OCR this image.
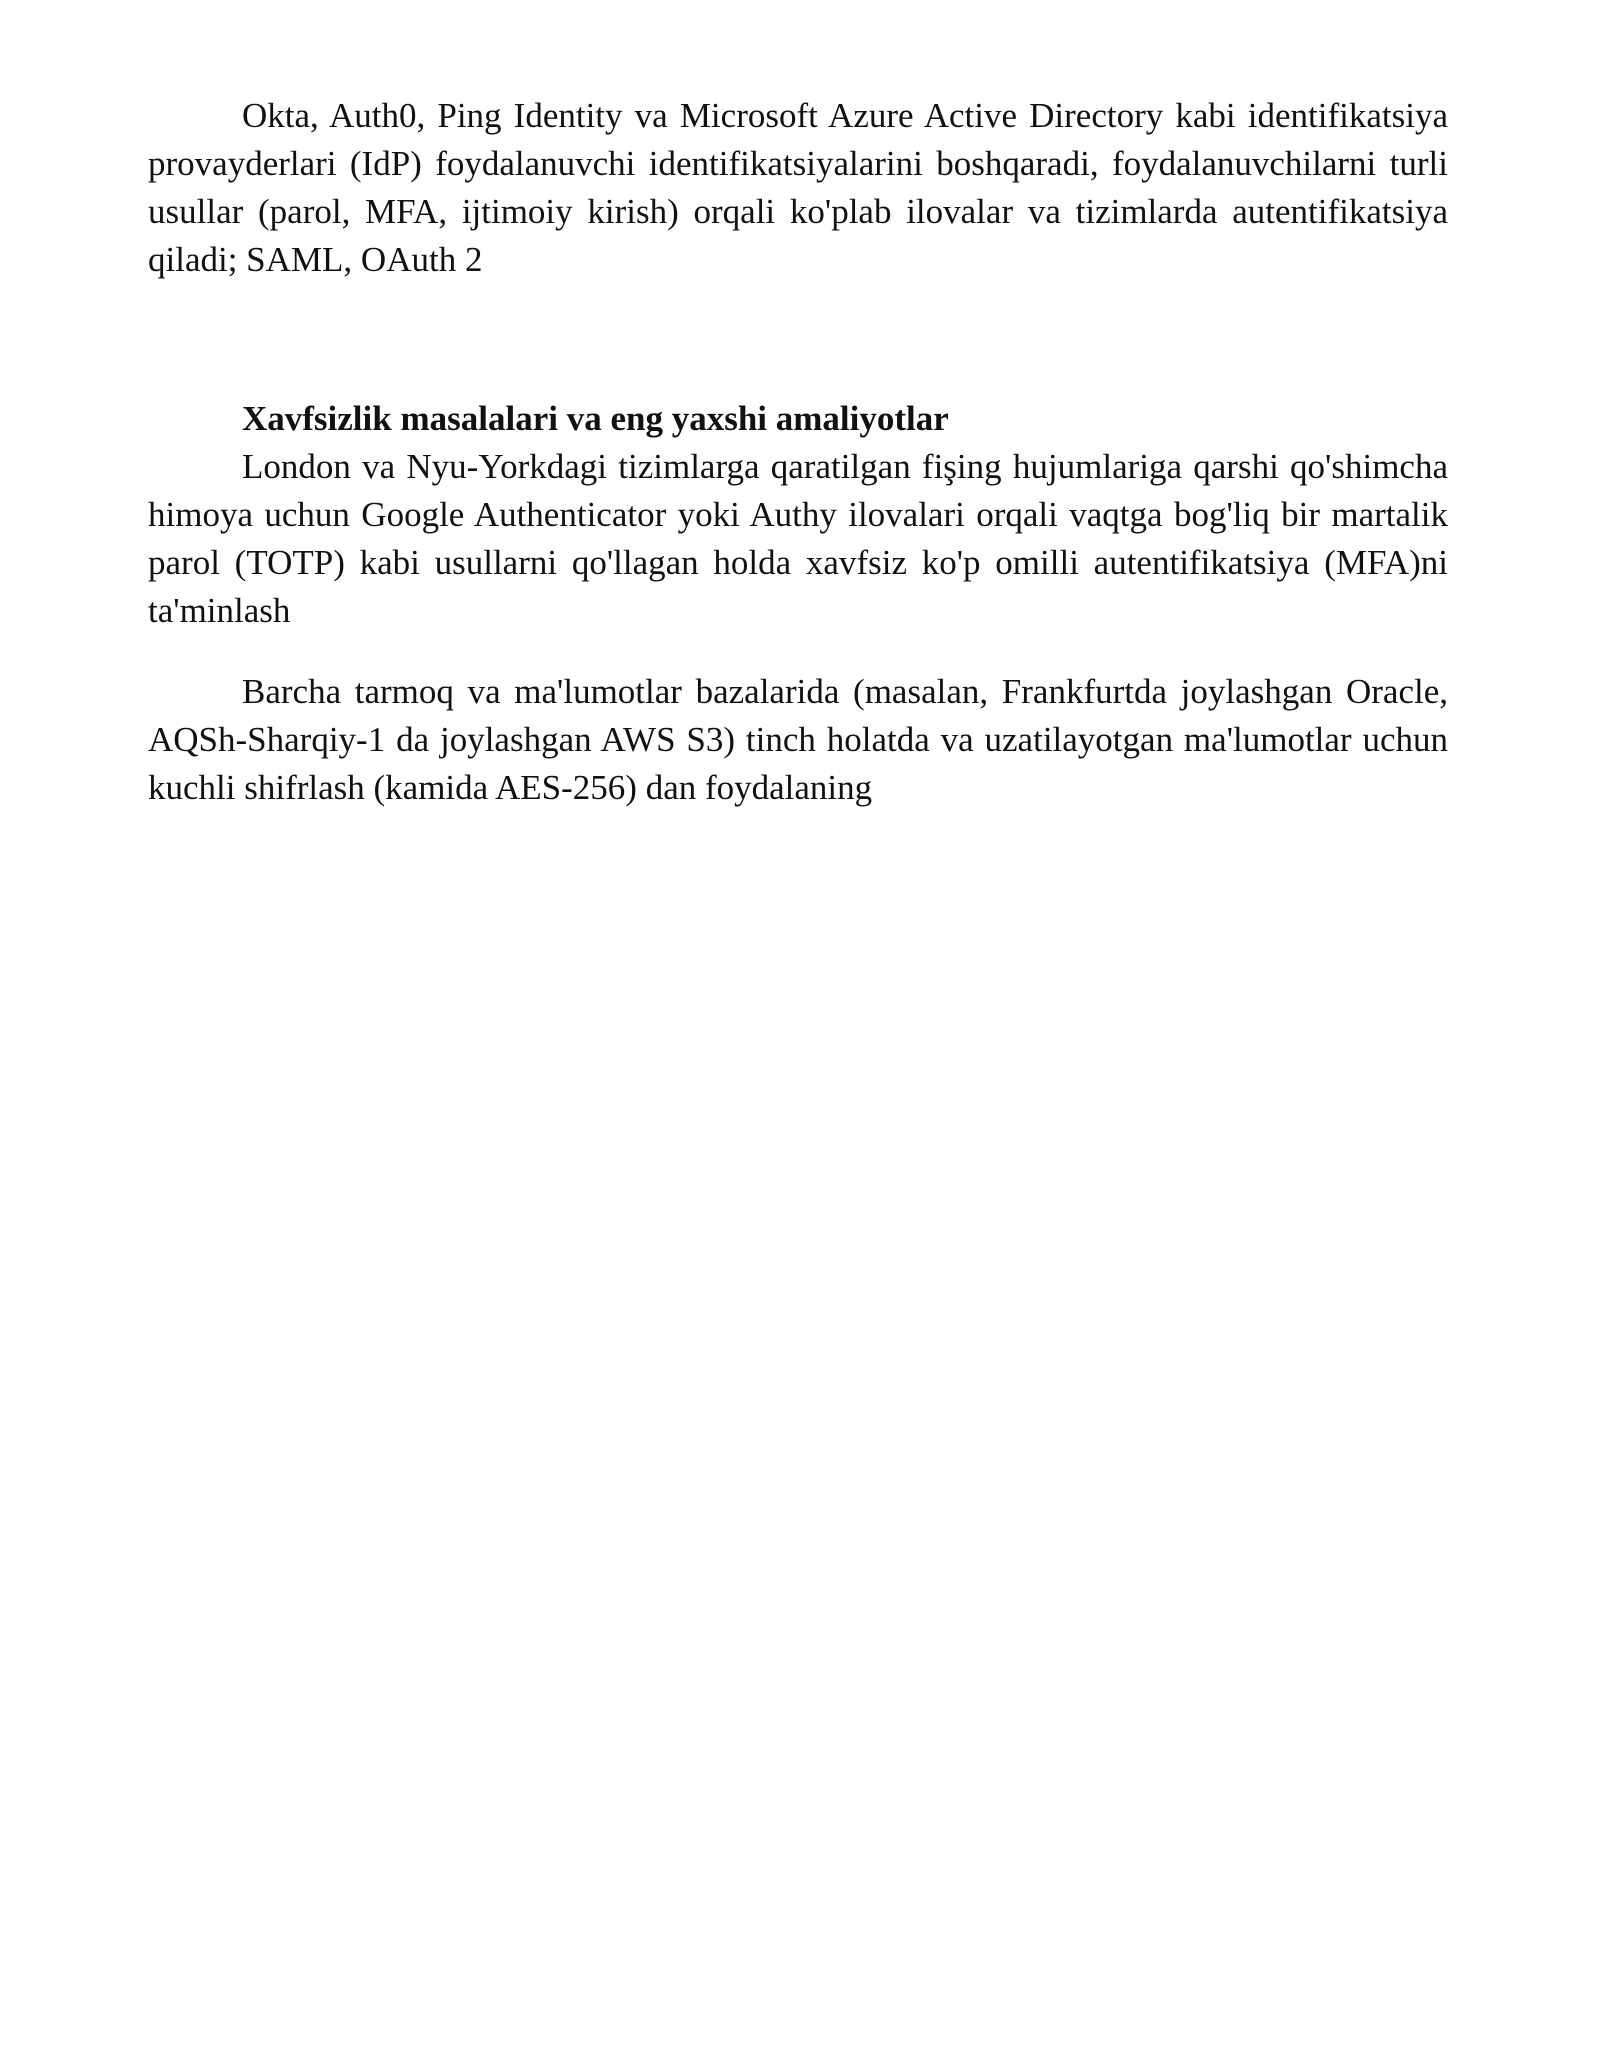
Okta, Auth0, Ping Identity va Microsoft Azure Active Directory kabi identifikatsiya provayderlari (IdP) foydalanuvchi identifikatsiyalarini boshqaradi, foydalanuvchilarni turli usullar (parol, MFA, ijtimoiy kirish) orqali ko'plab ilovalar va tizimlarda autentifikatsiya qiladi; SAML, OAuth 2

Xavfsizlik masalalari va eng yaxshi amaliyotlar

London va Nyu-Yorkdagi tizimlarga qaratilgan fişing hujumlariga qarshi qo'shimcha himoya uchun Google Authenticator yoki Authy ilovalari orqali vaqtga bog'liq bir martalik parol (TOTP) kabi usullarni qo'llagan holda xavfsiz ko'p omilli autentifikatsiya (MFA)ni ta'minlash

Barcha tarmoq va ma'lumotlar bazalarida (masalan, Frankfurtda joylashgan Oracle, AQSh-Sharqiy-1 da joylashgan AWS S3) tinch holatda va uzatilayotgan ma'lumotlar uchun kuchli shifrlash (kamida AES-256) dan foydalaning
